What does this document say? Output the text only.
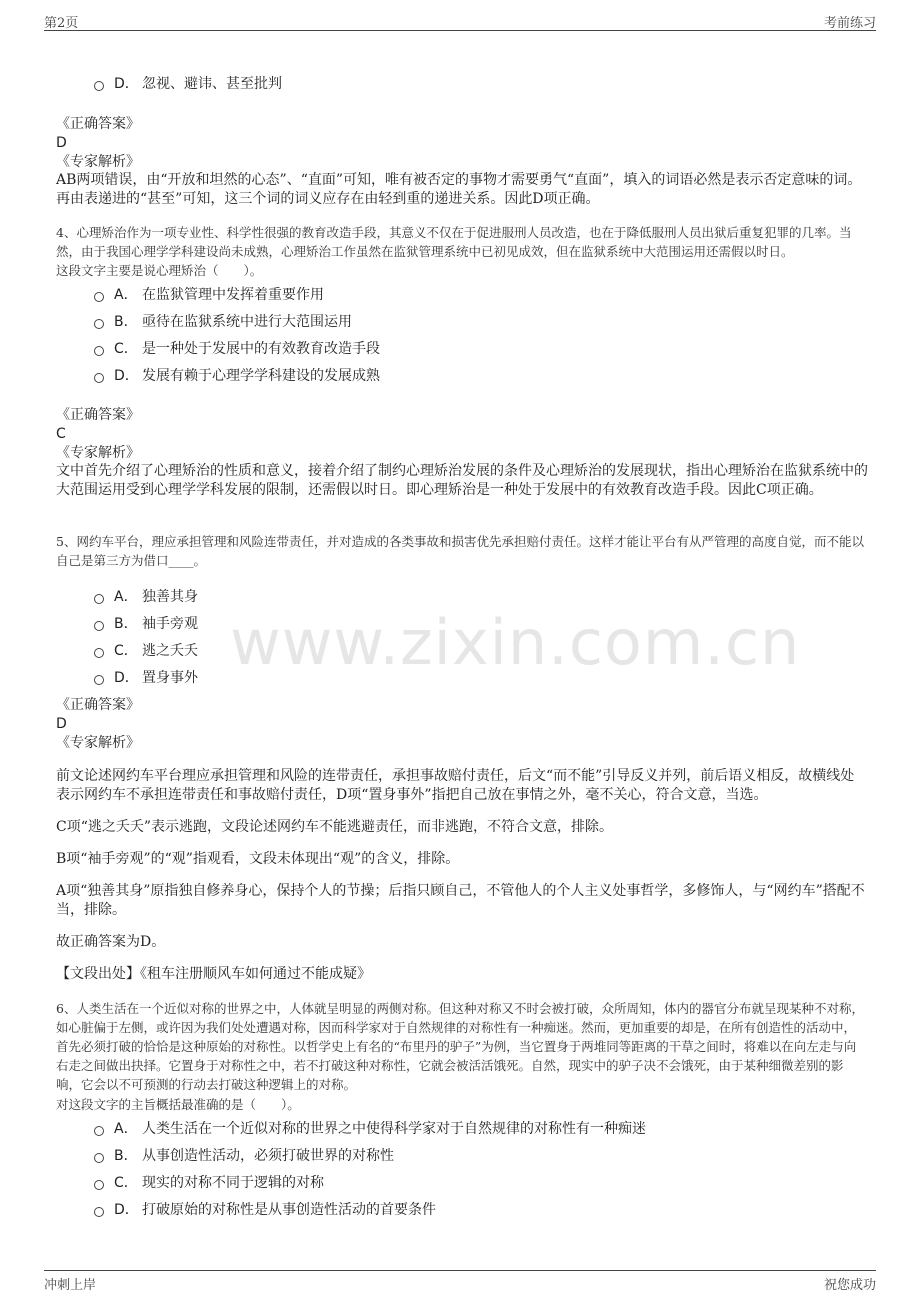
第2页	考前练习
www.zixin.com.cn
D． 忽视、避讳、甚至批判
《正确答案》
D
《专家解析》
AB两项错误，由“开放和坦然的心态”、“直面”可知，唯有被否定的事物才需要勇气“直面”，填入的词语必然是表示否定意味的词。再由表递进的“甚至”可知，这三个词的词义应存在由轻到重的递进关系。因此D项正确。
4、心理矫治作为一项专业性、科学性很强的教育改造手段，其意义不仅在于促进服刑人员改造，也在于降低服刑人员出狱后重复犯罪的几率。当然，由于我国心理学学科建设尚未成熟，心理矫治工作虽然在监狱管理系统中已初见成效，但在监狱系统中大范围运用还需假以时日。
这段文字主要是说心理矫治（　　）。
A． 在监狱管理中发挥着重要作用
B． 亟待在监狱系统中进行大范围运用
C． 是一种处于发展中的有效教育改造手段
D． 发展有赖于心理学学科建设的发展成熟
《正确答案》
C
《专家解析》
文中首先介绍了心理矫治的性质和意义，接着介绍了制约心理矫治发展的条件及心理矫治的发展现状，指出心理矫治在监狱系统中的大范围运用受到心理学学科发展的限制，还需假以时日。即心理矫治是一种处于发展中的有效教育改造手段。因此C项正确。
5、网约车平台，理应承担管理和风险连带责任，并对造成的各类事故和损害优先承担赔付责任。这样才能让平台有从严管理的高度自觉，而不能以自己是第三方为借口____。
A． 独善其身
B． 袖手旁观
C． 逃之夭夭
D． 置身事外
《正确答案》
D
《专家解析》
前文论述网约车平台理应承担管理和风险的连带责任，承担事故赔付责任，后文“而不能”引导反义并列，前后语义相反，故横线处表示网约车不承担连带责任和事故赔付责任，D项“置身事外”指把自己放在事情之外，毫不关心，符合文意，当选。
C项“逃之夭夭”表示逃跑，文段论述网约车不能逃避责任，而非逃跑，不符合文意，排除。
B项“袖手旁观”的“观”指观看，文段未体现出“观”的含义，排除。
A项“独善其身”原指独自修养身心，保持个人的节操；后指只顾自己，不管他人的个人主义处事哲学，多修饰人，与“网约车”搭配不当，排除。
故正确答案为D。
【文段出处】《租车注册顺风车如何通过不能成疑》
6、人类生活在一个近似对称的世界之中，人体就呈明显的两侧对称。但这种对称又不时会被打破，众所周知，体内的器官分布就呈现某种不对称，如心脏偏于左侧，或许因为我们处处遭遇对称，因而科学家对于自然规律的对称性有一种痴迷。然而，更加重要的却是，在所有创造性的活动中，首先必须打破的恰恰是这种原始的对称性。以哲学史上有名的“布里丹的驴子”为例，当它置身于两堆同等距离的干草之间时，将难以在向左走与向右走之间做出抉择。它置身于对称性之中，若不打破这种对称性，它就会被活活饿死。自然，现实中的驴子决不会饿死，由于某种细微差别的影响，它会以不可预测的行动去打破这种逻辑上的对称。
对这段文字的主旨概括最准确的是（　　）。
A． 人类生活在一个近似对称的世界之中使得科学家对于自然规律的对称性有一种痴迷
B． 从事创造性活动，必须打破世界的对称性
C． 现实的对称不同于逻辑的对称
D． 打破原始的对称性是从事创造性活动的首要条件
冲刺上岸	祝您成功
